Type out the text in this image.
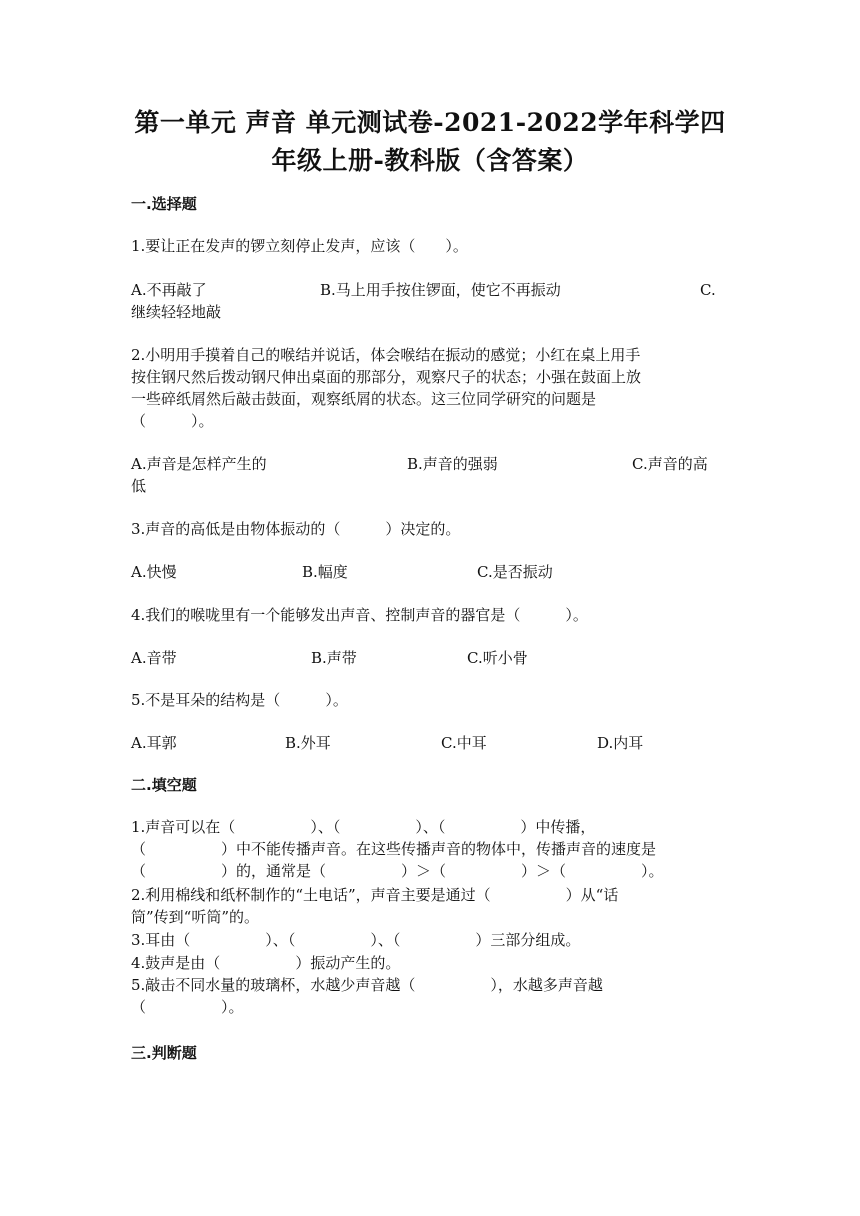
第一单元 声音 单元测试卷-2021-2022学年科学四
年级上册-教科版（含答案）
一.选择题
1.要让正在发声的锣立刻停止发声，应该（　　）。
A.不再敲了	B.马上用手按住锣面，使它不再振动	C.
继续轻轻地敲
2.小明用手摸着自己的喉结并说话，体会喉结在振动的感觉；小红在桌上用手
按住钢尺然后拨动钢尺伸出桌面的那部分，观察尺子的状态；小强在鼓面上放
一些碎纸屑然后敲击鼓面，观察纸屑的状态。这三位同学研究的问题是
（　　　）。
A.声音是怎样产生的	B.声音的强弱	C.声音的高
低
3.声音的高低是由物体振动的（　　　）决定的。
A.快慢	B.幅度	C.是否振动
4.我们的喉咙里有一个能够发出声音、控制声音的器官是（　　　）。
A.音带	B.声带	C.听小骨
5.不是耳朵的结构是（　　　）。
A.耳郭	B.外耳	C.中耳	D.内耳
二.填空题
1.声音可以在（　　　　　）、（　　　　　）、（　　　　　）中传播，
（　　　　　）中不能传播声音。在这些传播声音的物体中，传播声音的速度是
（　　　　　）的，通常是（　　　　　）＞（　　　　　）＞（　　　　　）。
2.利用棉线和纸杯制作的“土电话”，声音主要是通过（　　　　　）从“话
筒”传到“听筒”的。
3.耳由（　　　　　）、（　　　　　）、（　　　　　）三部分组成。
4.鼓声是由（　　　　　）振动产生的。
5.敲击不同水量的玻璃杯，水越少声音越（　　　　　），水越多声音越
（　　　　　）。
三.判断题
